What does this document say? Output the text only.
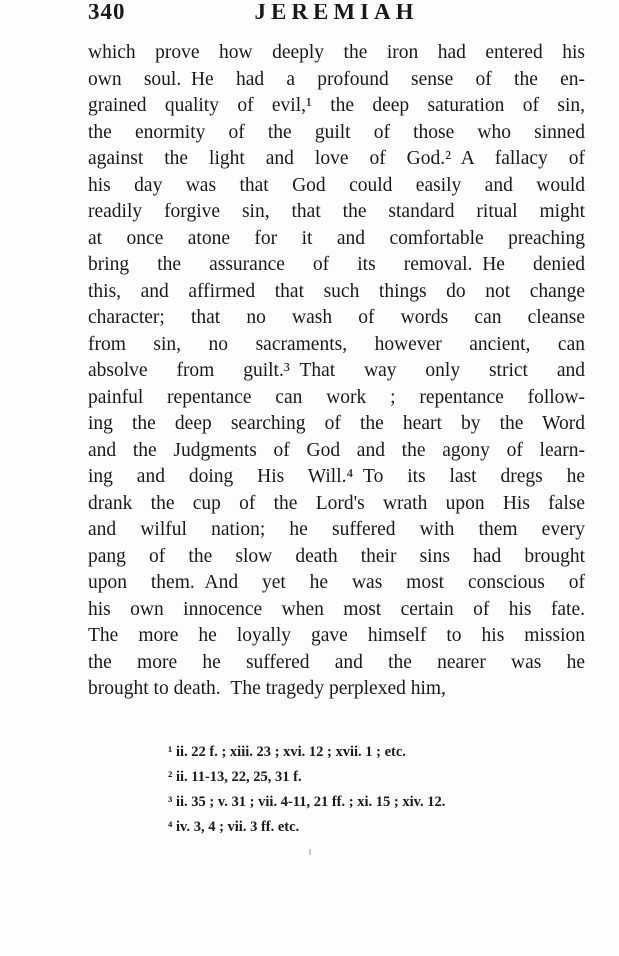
340	JEREMIAH
which prove how deeply the iron had entered his
own soul. He had a profound sense of the en-
grained quality of evil,¹ the deep saturation of sin,
the enormity of the guilt of those who sinned
against the light and love of God.² A fallacy of
his day was that God could easily and would
readily forgive sin, that the standard ritual might
at once atone for it and comfortable preaching
bring the assurance of its removal. He denied
this, and affirmed that such things do not change
character; that no wash of words can cleanse
from sin, no sacraments, however ancient, can
absolve from guilt.³ That way only strict and
painful repentance can work ; repentance follow-
ing the deep searching of the heart by the Word
and the Judgments of God and the agony of learn-
ing and doing His Will.⁴ To its last dregs he
drank the cup of the Lord's wrath upon His false
and wilful nation; he suffered with them every
pang of the slow death their sins had brought
upon them. And yet he was most conscious of
his own innocence when most certain of his fate.
The more he loyally gave himself to his mission
the more he suffered and the nearer was he
brought to death. The tragedy perplexed him,
¹ ii. 22 f. ; xiii. 23 ; xvi. 12 ; xvii. 1 ; etc.
² ii. 11-13, 22, 25, 31 f.
³ ii. 35 ; v. 31 ; vii. 4-11, 21 ff. ; xi. 15 ; xiv. 12.
⁴ iv. 3, 4 ; vii. 3 ff. etc.
